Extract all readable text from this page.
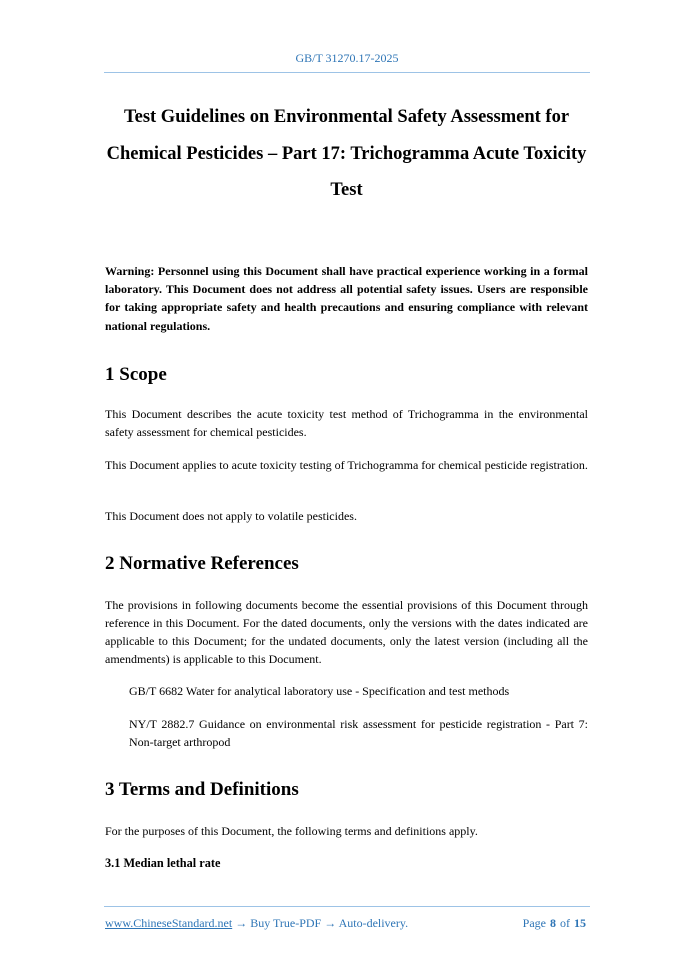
GB/T 31270.17-2025
Test Guidelines on Environmental Safety Assessment for
Chemical Pesticides – Part 17: Trichogramma Acute Toxicity
Test
Warning: Personnel using this Document shall have practical experience working in a formal laboratory. This Document does not address all potential safety issues. Users are responsible for taking appropriate safety and health precautions and ensuring compliance with relevant national regulations.
1 Scope
This Document describes the acute toxicity test method of Trichogramma in the environmental safety assessment for chemical pesticides.
This Document applies to acute toxicity testing of Trichogramma for chemical pesticide registration.
This Document does not apply to volatile pesticides.
2 Normative References
The provisions in following documents become the essential provisions of this Document through reference in this Document. For the dated documents, only the versions with the dates indicated are applicable to this Document; for the undated documents, only the latest version (including all the amendments) is applicable to this Document.
GB/T 6682 Water for analytical laboratory use - Specification and test methods
NY/T 2882.7 Guidance on environmental risk assessment for pesticide registration - Part 7: Non-target arthropod
3 Terms and Definitions
For the purposes of this Document, the following terms and definitions apply.
3.1 Median lethal rate
www.ChineseStandard.net → Buy True-PDF → Auto-delivery.	Page 8 of 15
